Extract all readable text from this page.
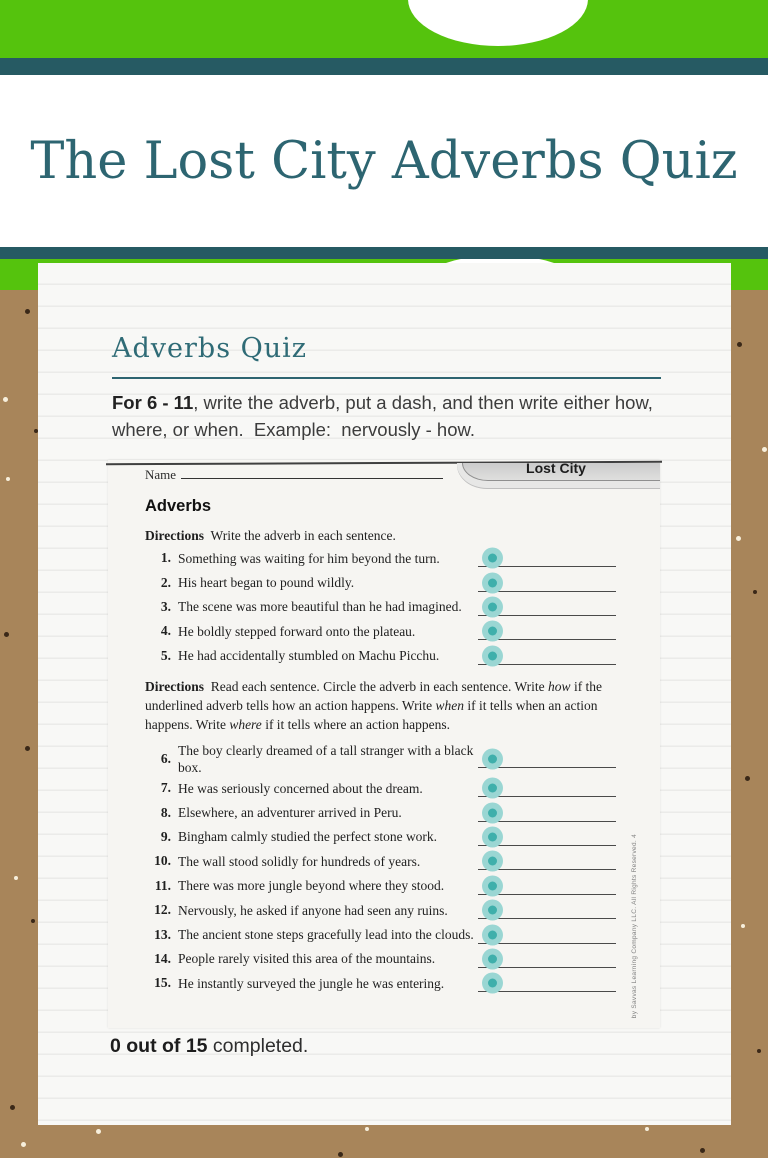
The Lost City Adverbs Quiz
Adverbs Quiz

For 6 - 11, write the adverb, put a dash, and then write either how, where, or when.  Example:  nervously - how.

Name	Lost City
Adverbs
Directions  Write the adverb in each sentence.
1. Something was waiting for him beyond the turn.
2. His heart began to pound wildly.
3. The scene was more beautiful than he had imagined.
4. He boldly stepped forward onto the plateau.
5. He had accidentally stumbled on Machu Picchu.
Directions Read each sentence. Circle the adverb in each sentence. Write how if the underlined adverb tells how an action happens. Write when if it tells when an action happens. Write where if it tells where an action happens.
6.
The boy clearly dreamed of a tall stranger with a black box.
7. He was seriously concerned about the dream.
8. Elsewhere, an adventurer arrived in Peru.
9. Bingham calmly studied the perfect stone work.
10. The wall stood solidly for hundreds of years.
11. There was more jungle beyond where they stood.
12. Nervously, he asked if anyone had seen any ruins.
13. The ancient stone steps gracefully lead into the clouds.
14. People rarely visited this area of the mountains.
15. He instantly surveyed the jungle he was entering.	by Savvas Learning Company LLC. All Rights Reserved. 4

0 out of 15 completed.
